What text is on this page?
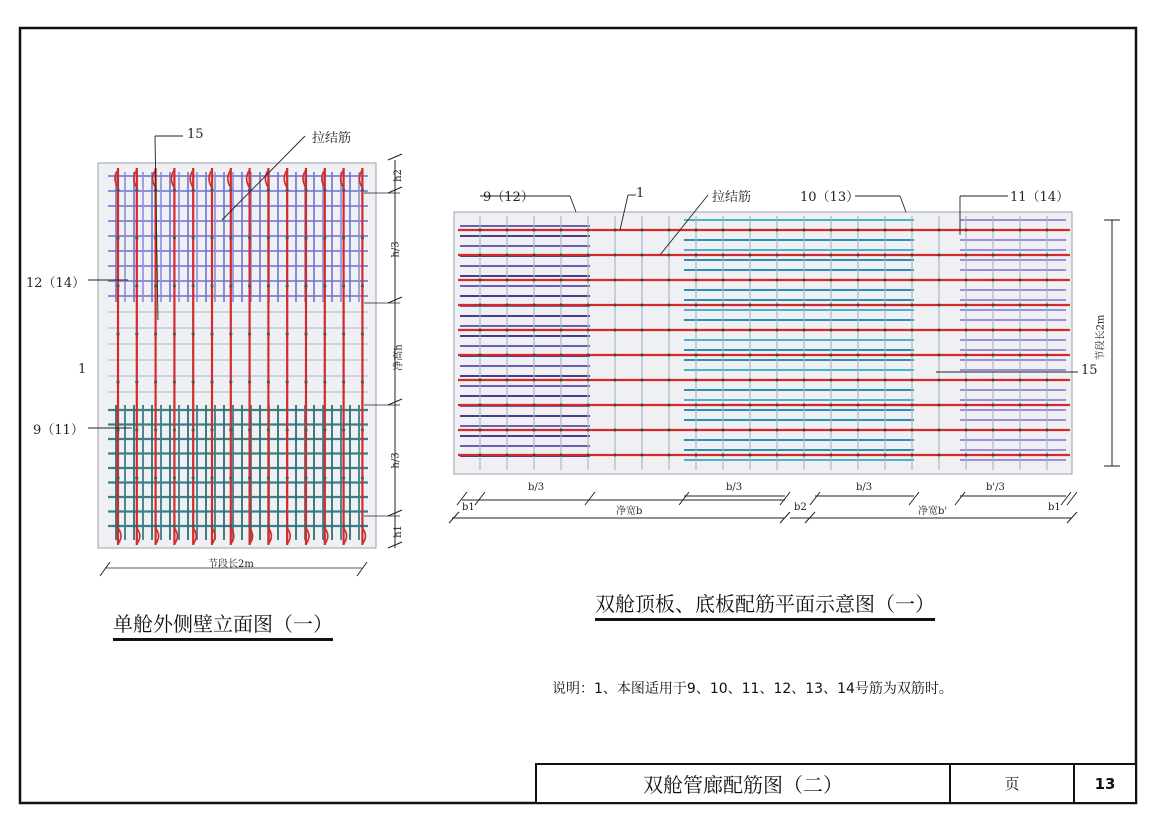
15	拉结筋
12（14）
1
9（11）
节段长2m
h2
h/3
净高h
h/3
h1
单舱外侧壁立面图（一）
9（12）	1	拉结筋	10（13）	11（14）
15
节段长2m
b1
b/3
净宽b
b/3
b2
b/3
净宽b'
b'/3
b1
双舱顶板、底板配筋平面示意图（一）
说明：1、本图适用于9、10、11、12、13、14号筋为双筋时。
双舱管廊配筋图（二）	页	13
